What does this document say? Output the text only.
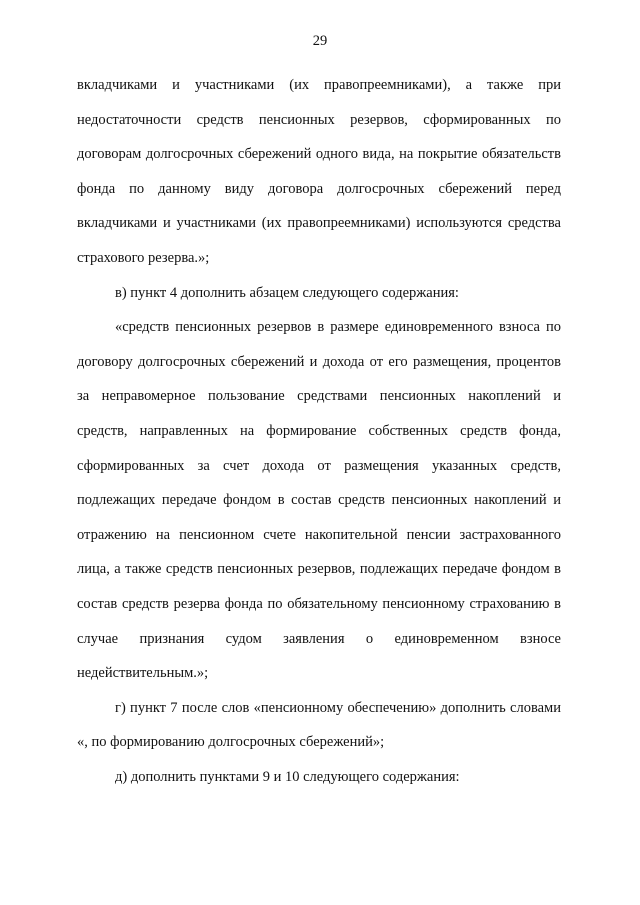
29

вкладчиками и участниками (их правопреемниками), а также при недостаточности средств пенсионных резервов, сформированных по договорам долгосрочных сбережений одного вида, на покрытие обязательств фонда по данному виду договора долгосрочных сбережений перед вкладчиками и участниками (их правопреемниками) используются средства страхового резерва.»;

в) пункт 4 дополнить абзацем следующего содержания:

«средств пенсионных резервов в размере единовременного взноса по договору долгосрочных сбережений и дохода от его размещения, процентов за неправомерное пользование средствами пенсионных накоплений и средств, направленных на формирование собственных средств фонда, сформированных за счет дохода от размещения указанных средств, подлежащих передаче фондом в состав средств пенсионных накоплений и отражению на пенсионном счете накопительной пенсии застрахованного лица, а также средств пенсионных резервов, подлежащих передаче фондом в состав средств резерва фонда по обязательному пенсионному страхованию в случае признания судом заявления о единовременном взносе недействительным.»;

г) пункт 7 после слов «пенсионному обеспечению» дополнить словами «, по формированию долгосрочных сбережений»;

д) дополнить пунктами 9 и 10 следующего содержания:
